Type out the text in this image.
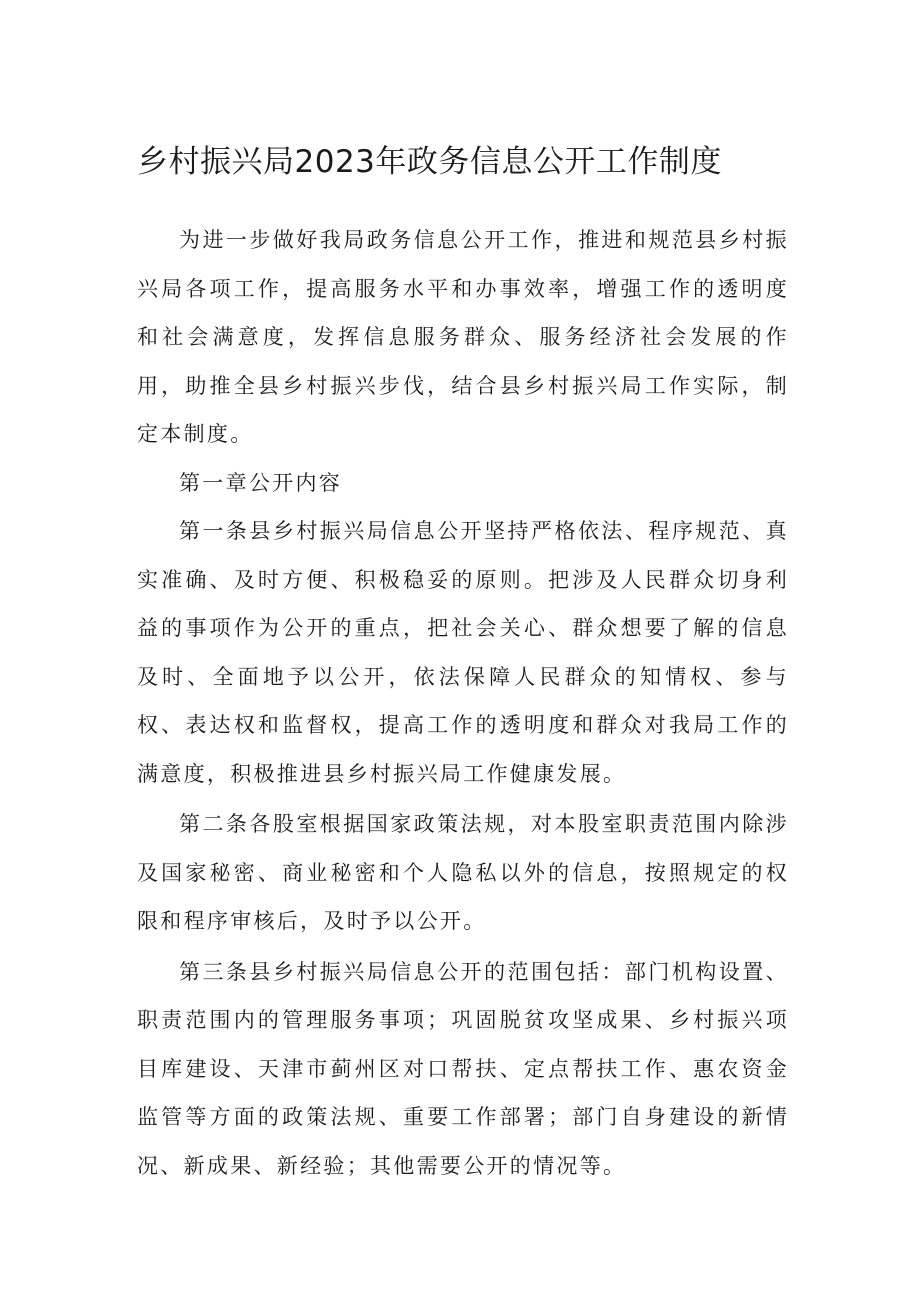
乡村振兴局2023年政务信息公开工作制度

为进一步做好我局政务信息公开工作，推进和规范县乡村振兴局各项工作，提高服务水平和办事效率，增强工作的透明度和社会满意度，发挥信息服务群众、服务经济社会发展的作用，助推全县乡村振兴步伐，结合县乡村振兴局工作实际，制定本制度。

第一章公开内容

第一条县乡村振兴局信息公开坚持严格依法、程序规范、真实准确、及时方便、积极稳妥的原则。把涉及人民群众切身利益的事项作为公开的重点，把社会关心、群众想要了解的信息及时、全面地予以公开，依法保障人民群众的知情权、参与权、表达权和监督权，提高工作的透明度和群众对我局工作的满意度，积极推进县乡村振兴局工作健康发展。

第二条各股室根据国家政策法规，对本股室职责范围内除涉及国家秘密、商业秘密和个人隐私以外的信息，按照规定的权限和程序审核后，及时予以公开。

第三条县乡村振兴局信息公开的范围包括：部门机构设置、职责范围内的管理服务事项；巩固脱贫攻坚成果、乡村振兴项目库建设、天津市蓟州区对口帮扶、定点帮扶工作、惠农资金监管等方面的政策法规、重要工作部署；部门自身建设的新情况、新成果、新经验；其他需要公开的情况等。
